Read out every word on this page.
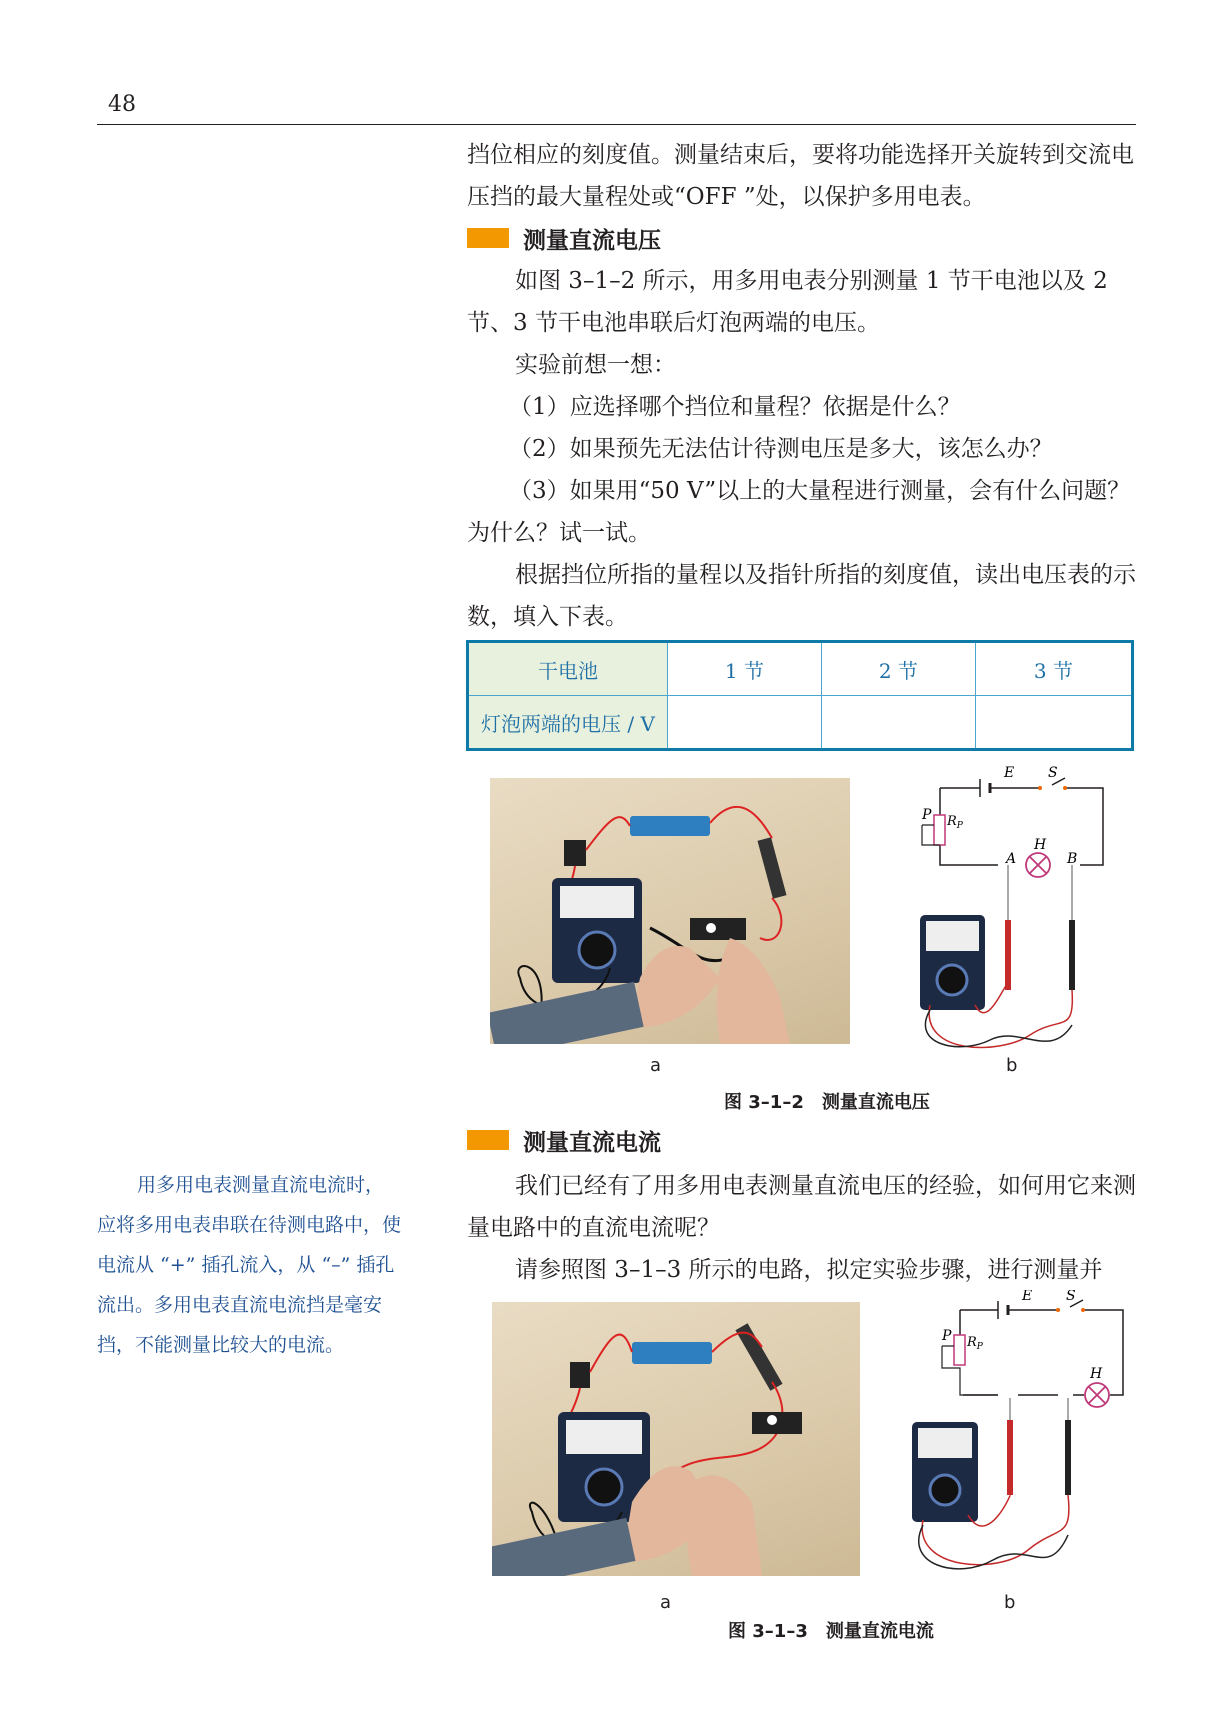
48

挡位相应的刻度值。测量结束后，要将功能选择开关旋转到交流电压挡的最大量程处或“OFF ”处，以保护多用电表。

测量直流电压

如图 3–1–2 所示，用多用电表分别测量 1 节干电池以及 2 节、3 节干电池串联后灯泡两端的电压。

实验前想一想：

（1）应选择哪个挡位和量程？依据是什么？

（2）如果预先无法估计待测电压是多大，该怎么办？

（3）如果用“50 V”以上的大量程进行测量，会有什么问题？为什么？试一试。

根据挡位所指的量程以及指针所指的刻度值，读出电压表的示数，填入下表。

干电池	1 节	2 节	3 节
灯泡两端的电压 / V			
a
E S
P $R_P$
H
A	B
b
图 3–1–2　测量直流电压
测量直流电流

我们已经有了用多用电表测量直流电压的经验，如何用它来测量电路中的直流电流呢？

请参照图 3–1–3 所示的电路，拟定实验步骤，进行测量并

用多用电表测量直流电流时，应将多用电表串联在待测电路中，使电流从 “+” 插孔流入，从 “–” 插孔流出。多用电表直流电流挡是毫安挡，不能测量比较大的电流。

a
E S
P $R_P$
H
b
图 3–1–3　测量直流电流
